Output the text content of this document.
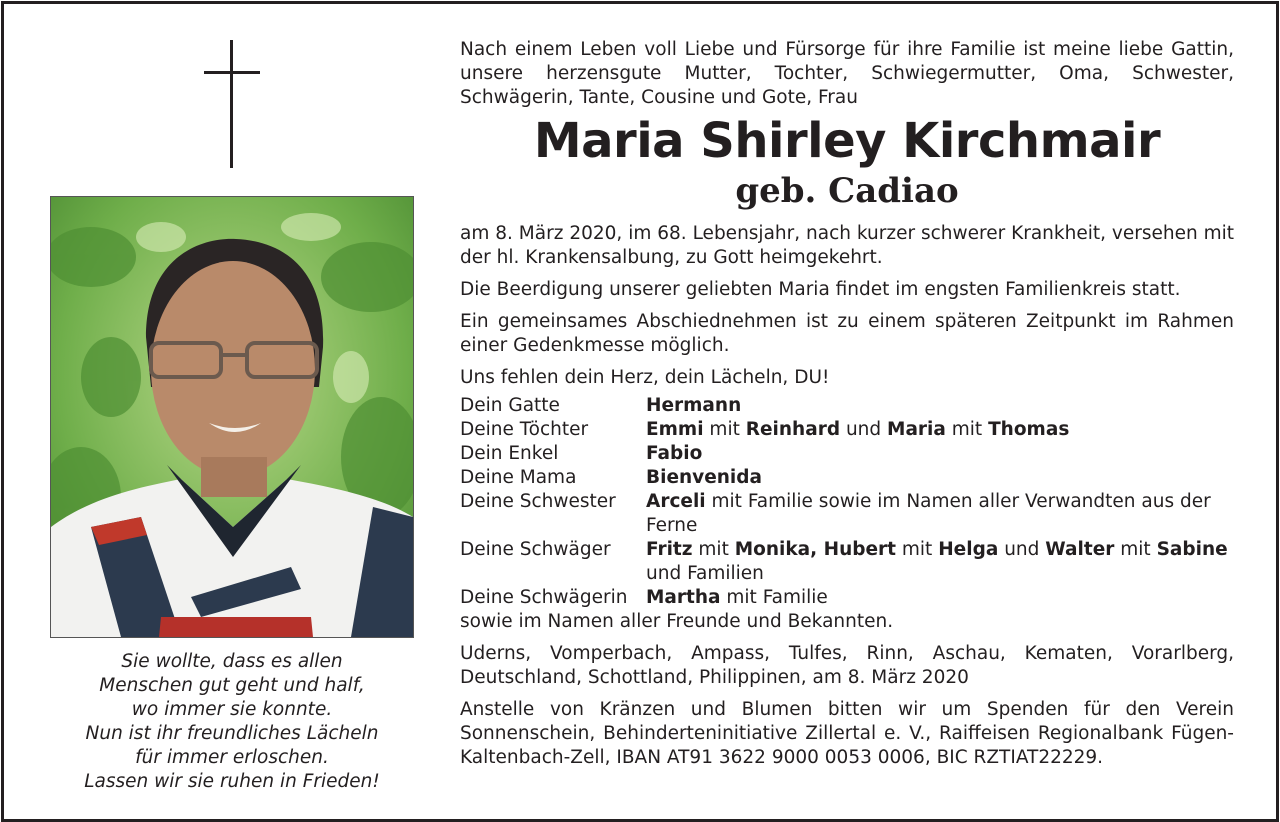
Sie wollte, dass es allen
Menschen gut geht und half,
wo immer sie konnte.
Nun ist ihr freundliches Lächeln
für immer erloschen.
Lassen wir sie ruhen in Frieden!
Nach einem Leben voll Liebe und Fürsorge für ihre Familie ist meine liebe Gattin, unsere herzensgute Mutter, Tochter, Schwiegermutter, Oma, Schwester, Schwägerin, Tante, Cousine und Gote, Frau
Maria Shirley Kirchmair
geb. Cadiao
am 8. März 2020, im 68. Lebensjahr, nach kurzer schwerer Krankheit, versehen mit der hl. Krankensalbung, zu Gott heimgekehrt.
Die Beerdigung unserer geliebten Maria findet im engsten Familienkreis statt.
Ein gemeinsames Abschiednehmen ist zu einem späteren Zeitpunkt im Rahmen einer Gedenkmesse möglich.
Uns fehlen dein Herz, dein Lächeln, DU!
Dein Gatte	Hermann
Deine Töchter	Emmi mit Reinhard und Maria mit Thomas
Dein Enkel	Fabio
Deine Mama	Bienvenida
Deine Schwester	Arceli mit Familie sowie im Namen aller Verwandten aus der Ferne
Deine Schwäger	Fritz mit Monika, Hubert mit Helga und Walter mit Sabine und Familien
Deine Schwägerin	Martha mit Familie
sowie im Namen aller Freunde und Bekannten.
Uderns, Vomperbach, Ampass, Tulfes, Rinn, Aschau, Kematen, Vorarlberg, Deutschland, Schottland, Philippinen, am 8. März 2020
Anstelle von Kränzen und Blumen bitten wir um Spenden für den Verein Sonnenschein, Behinderteninitiative Zillertal e. V., Raiffeisen Regionalbank Fügen-Kaltenbach-Zell, IBAN AT91 3622 9000 0053 0006, BIC RZTIAT22229.
